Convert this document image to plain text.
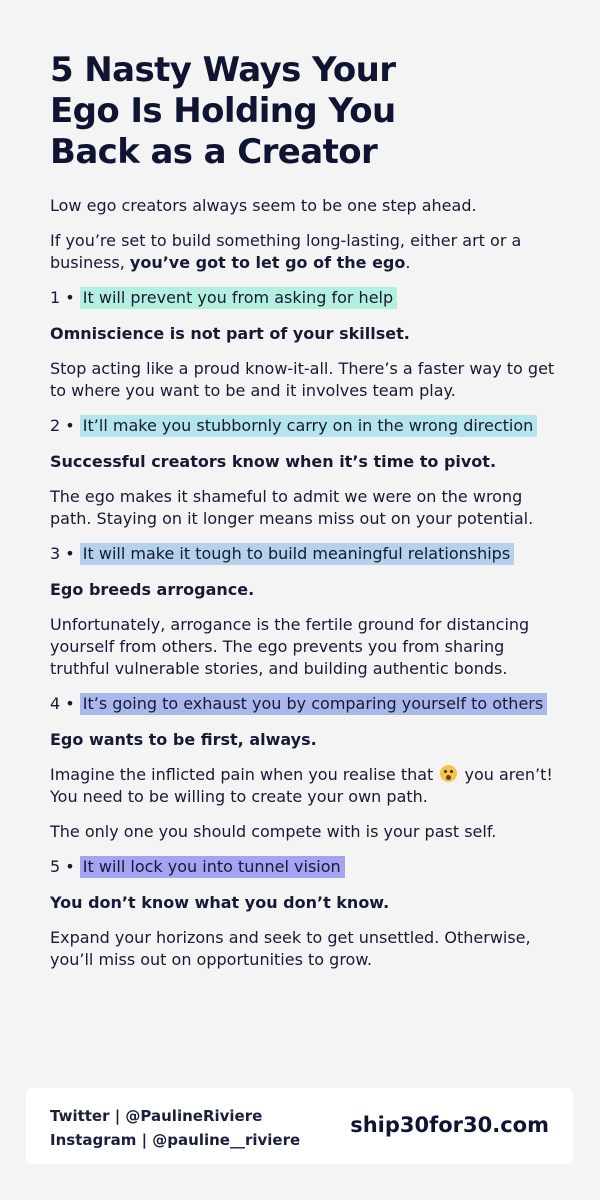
5 Nasty Ways Your
Ego Is Holding You
Back as a Creator

Low ego creators always seem to be one step ahead.

If you’re set to build something long-lasting, either art or a business, you’ve got to let go of the ego.

1 • It will prevent you from asking for help

Omniscience is not part of your skillset.

Stop acting like a proud know-it-all. There’s a faster way to get to where you want to be and it involves team play.

2 • It’ll make you stubbornly carry on in the wrong direction

Successful creators know when it’s time to pivot.

The ego makes it shameful to admit we were on the wrong path. Staying on it longer means miss out on your potential.

3 • It will make it tough to build meaningful relationships

Ego breeds arrogance.

Unfortunately, arrogance is the fertile ground for distancing yourself from others. The ego prevents you from sharing truthful vulnerable stories, and building authentic bonds.

4 • It’s going to exhaust you by comparing yourself to others

Ego wants to be first, always.

Imagine the inflicted pain when you realise that you aren’t! You need to be willing to create your own path.

The only one you should compete with is your past self.

5 • It will lock you into tunnel vision

You don’t know what you don’t know.

Expand your horizons and seek to get unsettled. Otherwise, you’ll miss out on opportunities to grow.

Twitter | @PaulineRiviere
Instagram | @pauline__riviere
ship30for30.com
